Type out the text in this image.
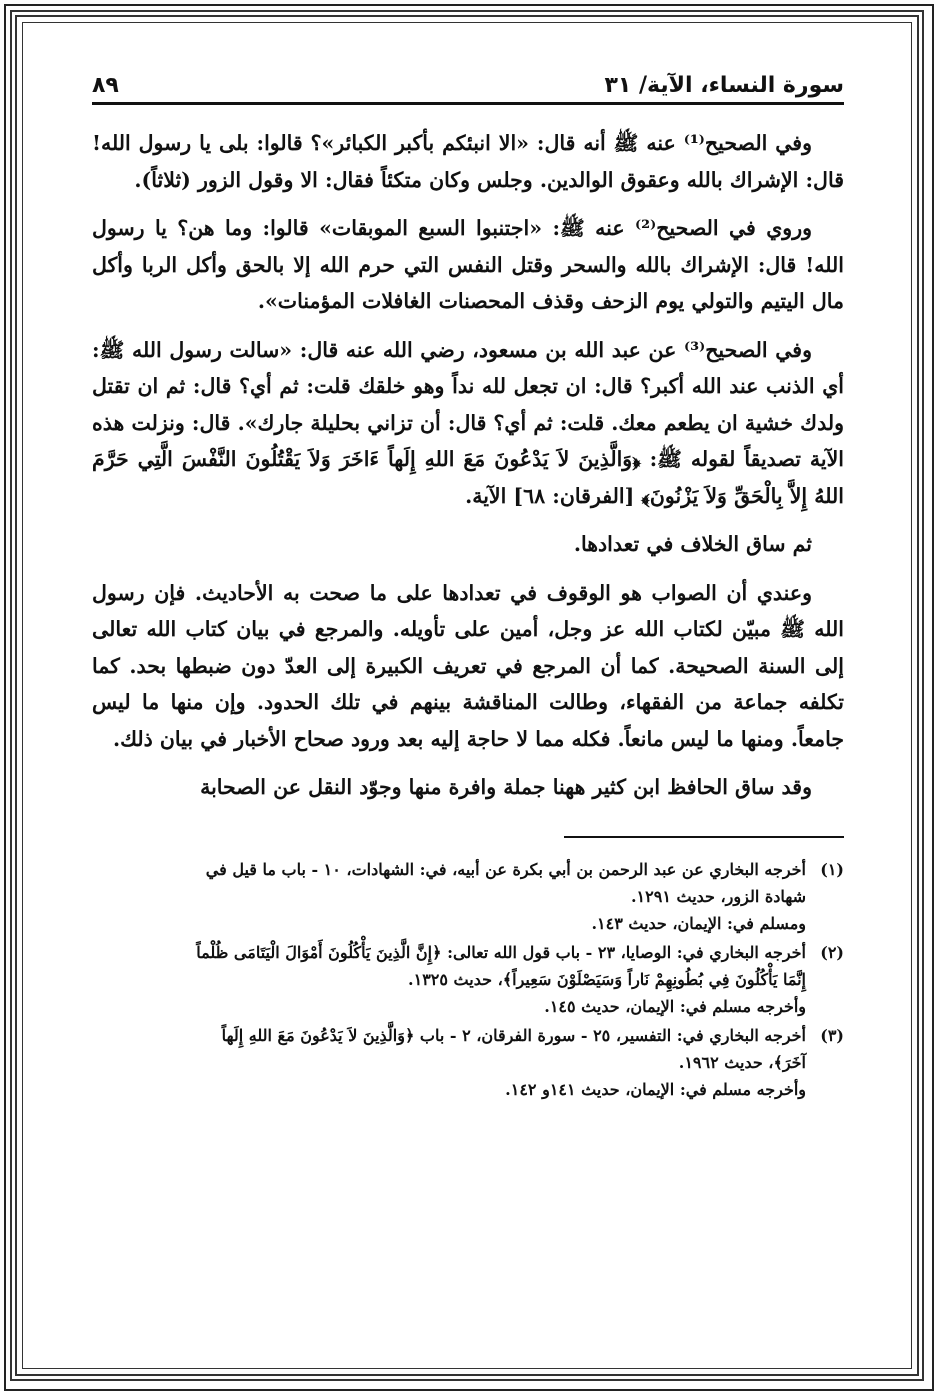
سورة النساء، الآية/ ٣١
٨٩

وفي الصحيح⁽¹⁾ عنه ﷺ أنه قال: «الا انبئكم بأكبر الكبائر»؟ قالوا: بلى يا رسول الله! قال: الإشراك بالله وعقوق الوالدين. وجلس وكان متكئاً فقال: الا وقول الزور (ثلاثاً).

وروي في الصحيح⁽²⁾ عنه ﷺ: «اجتنبوا السبع الموبقات» قالوا: وما هن؟ يا رسول الله! قال: الإشراك بالله والسحر وقتل النفس التي حرم الله إلا بالحق وأكل الربا وأكل مال اليتيم والتولي يوم الزحف وقذف المحصنات الغافلات المؤمنات».

وفي الصحيح⁽³⁾ عن عبد الله بن مسعود، رضي الله عنه قال: «سالت رسول الله ﷺ: أي الذنب عند الله أكبر؟ قال: ان تجعل لله نداً وهو خلقك قلت: ثم أي؟ قال: ثم ان تقتل ولدك خشية ان يطعم معك. قلت: ثم أي؟ قال: أن تزاني بحليلة جارك». قال: ونزلت هذه الآية تصديقاً لقوله ﷺ: ﴿وَالَّذِينَ لاَ يَدْعُونَ مَعَ اللهِ إِلَهاً ءَاخَرَ وَلاَ يَقْتُلُونَ النَّفْسَ الَّتِي حَرَّمَ اللهُ إِلاَّ بِالْحَقِّ وَلاَ يَزْنُونَ﴾ [الفرقان: ٦٨] الآية.

ثم ساق الخلاف في تعدادها.

وعندي أن الصواب هو الوقوف في تعدادها على ما صحت به الأحاديث. فإن رسول الله ﷺ مبيّن لكتاب الله عز وجل، أمين على تأويله. والمرجع في بيان كتاب الله تعالى إلى السنة الصحيحة. كما أن المرجع في تعريف الكبيرة إلى العدّ دون ضبطها بحد. كما تكلفه جماعة من الفقهاء، وطالت المناقشة بينهم في تلك الحدود. وإن منها ما ليس جامعاً. ومنها ما ليس مانعاً. فكله مما لا حاجة إليه بعد ورود صحاح الأخبار في بيان ذلك.

وقد ساق الحافظ ابن كثير ههنا جملة وافرة منها وجوّد النقل عن الصحابة

(١)
أخرجه البخاري عن عبد الرحمن بن أبي بكرة عن أبيه، في: الشهادات، ١٠ - باب ما قيل في
شهادة الزور، حديث ١٢٩١.
ومسلم في: الإيمان، حديث ١٤٣.
(٢)
أخرجه البخاري في: الوصايا، ٢٣ - باب قول الله تعالى: ﴿إِنَّ الَّذِينَ يَأْكُلُونَ أَمْوَالَ الْيَتَامَى ظُلْماً
إِنَّمَا يَأْكُلُونَ فِي بُطُونِهِمْ نَاراً وَسَيَصْلَوْنَ سَعِيراً﴾، حديث ١٣٢٥.
وأخرجه مسلم في: الإيمان، حديث ١٤٥.
(٣)
أخرجه البخاري في: التفسير، ٢٥ - سورة الفرقان، ٢ - باب ﴿وَالَّذِينَ لاَ يَدْعُونَ مَعَ اللهِ إِلَهاً
آخَرَ﴾، حديث ١٩٦٢.
وأخرجه مسلم في: الإيمان، حديث ١٤١و ١٤٢.
